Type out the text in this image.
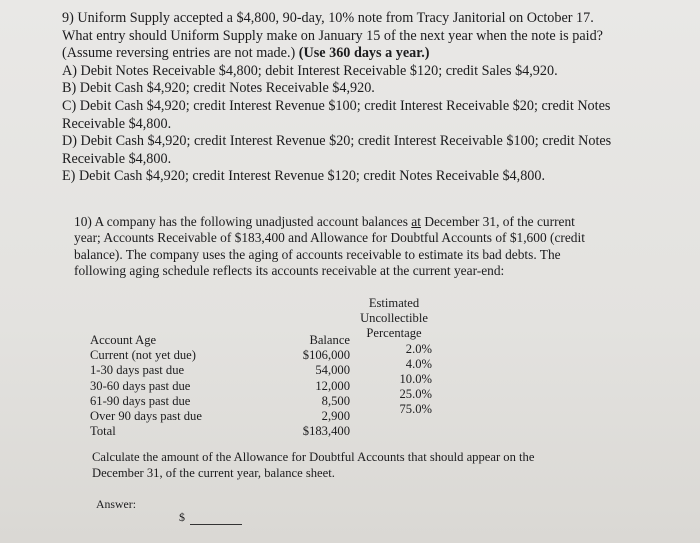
9) Uniform Supply accepted a $4,800, 90-day, 10% note from Tracy Janitorial on October 17.
What entry should Uniform Supply make on January 15 of the next year when the note is paid?
(Assume reversing entries are not made.) (Use 360 days a year.)
A) Debit Notes Receivable $4,800; debit Interest Receivable $120; credit Sales $4,920.
B) Debit Cash $4,920; credit Notes Receivable $4,920.
C) Debit Cash $4,920; credit Interest Revenue $100; credit Interest Receivable $20; credit Notes
Receivable $4,800.
D) Debit Cash $4,920; credit Interest Revenue $20; credit Interest Receivable $100; credit Notes
Receivable $4,800.
E) Debit Cash $4,920; credit Interest Revenue $120; credit Notes Receivable $4,800.
10) A company has the following unadjusted account balances at December 31, of the current
year; Accounts Receivable of $183,400 and Allowance for Doubtful Accounts of $1,600 (credit
balance). The company uses the aging of accounts receivable to estimate its bad debts. The
following aging schedule reflects its accounts receivable at the current year-end:
Account Age
Current (not yet due)
1-30 days past due
30-60 days past due
61-90 days past due
Over 90 days past due
Total
Balance
$106,000
54,000
12,000
8,500
2,900
$183,400
Estimated
Uncollectible
Percentage
2.0%
4.0%
10.0%
25.0%
75.0%
Calculate the amount of the Allowance for Doubtful Accounts that should appear on the
December 31, of the current year, balance sheet.
Answer:
$
